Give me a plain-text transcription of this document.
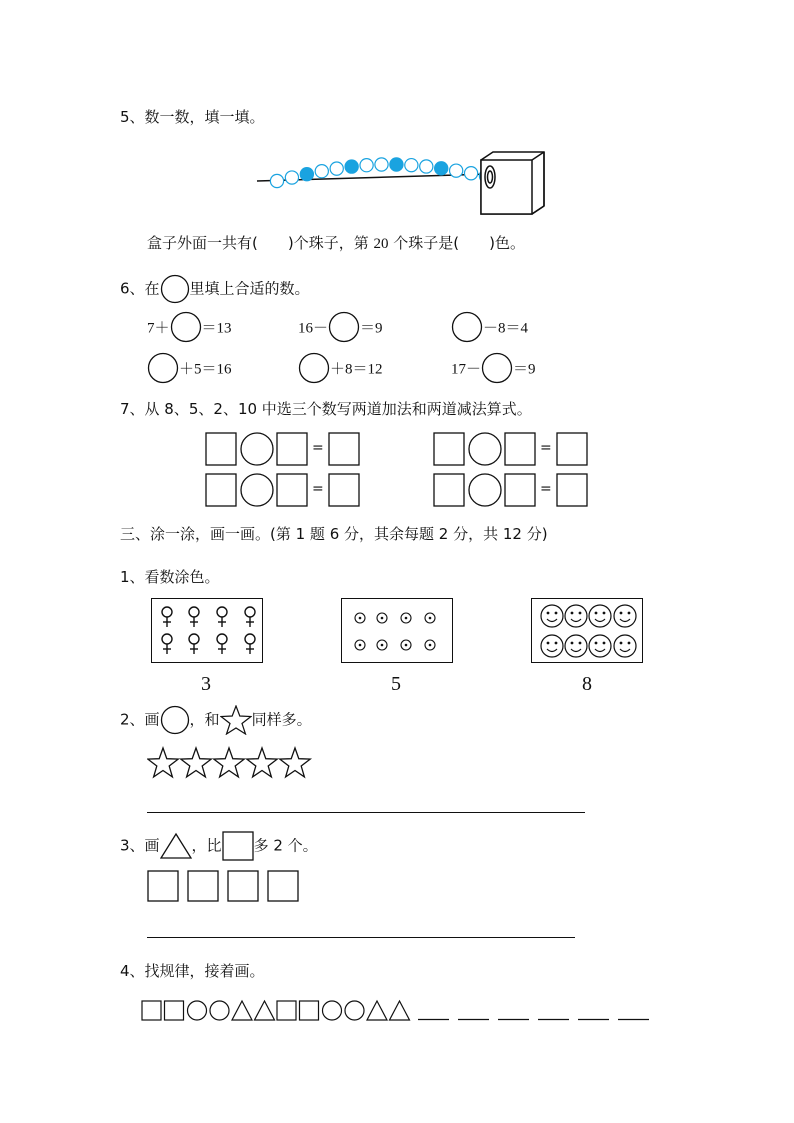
5、数一数，填一填。
盒子外面一共有(　　)个珠子，第 20 个珠子是(　　)色。
6、在 里填上合适的数。
7＋ ＝13	16－ ＝9	－8＝4
＋5＝16	＋8＝12	17－ ＝9
7、从 8、5、2、10 中选三个数写两道加法和两道减法算式。
=	=
=	=
三、涂一涂，画一画。(第 1 题 6 分，其余每题 2 分，共 12 分)
1、看数涂色。
3	5	8
2、画 ，和 同样多。
3、画 ，比 多 2 个。
4、找规律，接着画。
